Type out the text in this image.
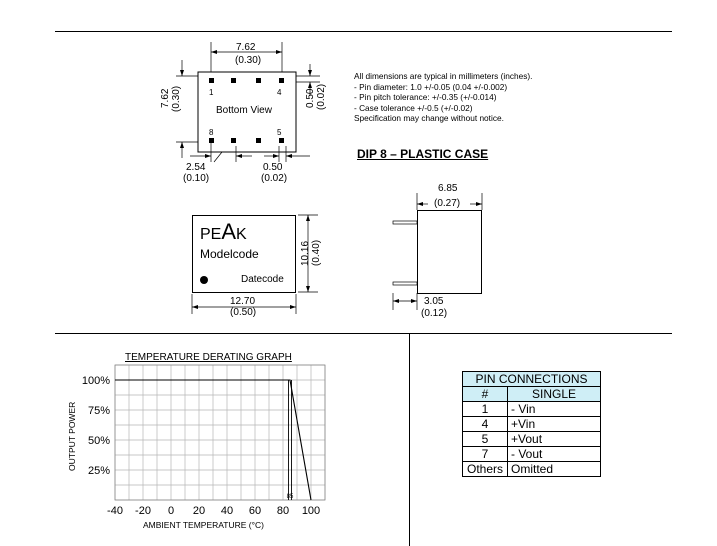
7.62
(0.30)
7.62 (0.30)	0.50 (0.02)
1	4
8	5
Bottom View
2.54
(0.10)
0.50
(0.02)
All dimensions are typical in millimeters (inches).
- Pin diameter: 1.0 +/-0.05 (0.04 +/-0.002)
- Pin pitch tolerance: +/-0.35 (+/-0.014)
- Case tolerance +/-0.5 (+/-0.02)
Specification may change without notice.
DIP 8 – PLASTIC CASE
PEAK
Modelcode
Datecode
10.16 (0.40)
12.70
(0.50)
6.85
(0.27)
3.05
(0.12)
TEMPERATURE DERATING GRAPH
OUTPUT POWER
AMBIENT TEMPERATURE (°C)
100%
75%
50%
25%
-40 -20 0 20 40 60 80 100
85
PIN CONNECTIONS	
#	SINGLE
1	- Vin
4	+Vin
5	+Vout
7	- Vout
Others	Omitted
